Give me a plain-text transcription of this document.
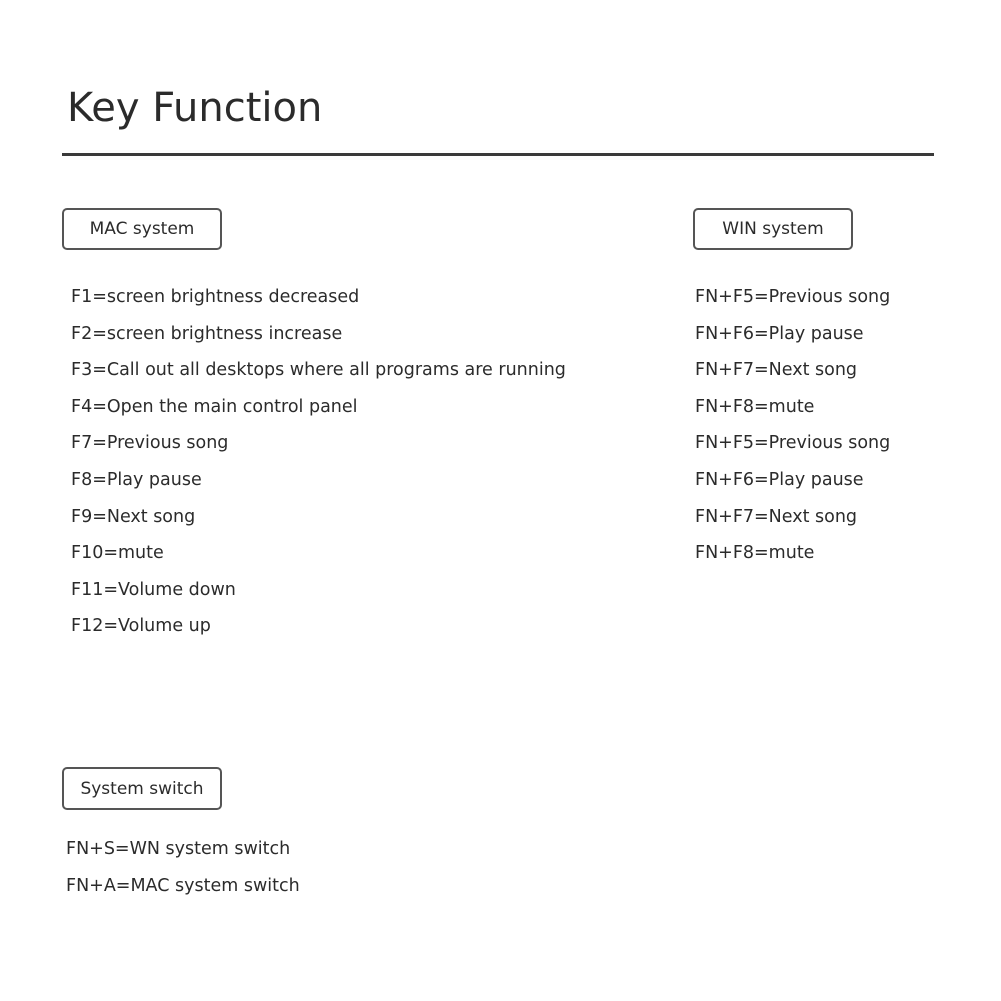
Key Function
MAC system
F1=screen brightness decreased
F2=screen brightness increase
F3=Call out all desktops where all programs are running
F4=Open the main control panel
F7=Previous song
F8=Play pause
F9=Next song
F10=mute
F11=Volume down
F12=Volume up
WIN system
FN+F5=Previous song
FN+F6=Play pause
FN+F7=Next song
FN+F8=mute
FN+F5=Previous song
FN+F6=Play pause
FN+F7=Next song
FN+F8=mute
System switch
FN+S=WN system switch
FN+A=MAC system switch
